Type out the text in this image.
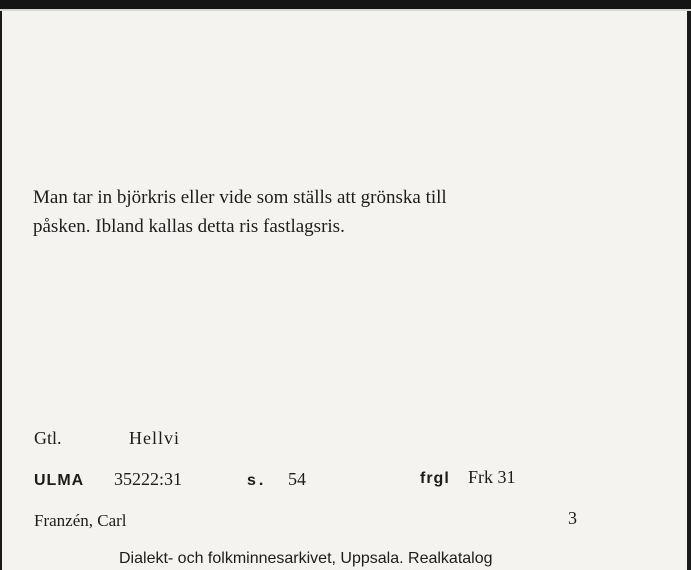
Man tar in björkris eller vide som ställs att grönska till
påsken. Ibland kallas detta ris fastlagsris.

Gtl.	Hellvi
ULMA 35222:31	s. 54	frgl Frk 31
Franzén, Carl	3
Dialekt- och folkminnesarkivet, Uppsala. Realkatalog
